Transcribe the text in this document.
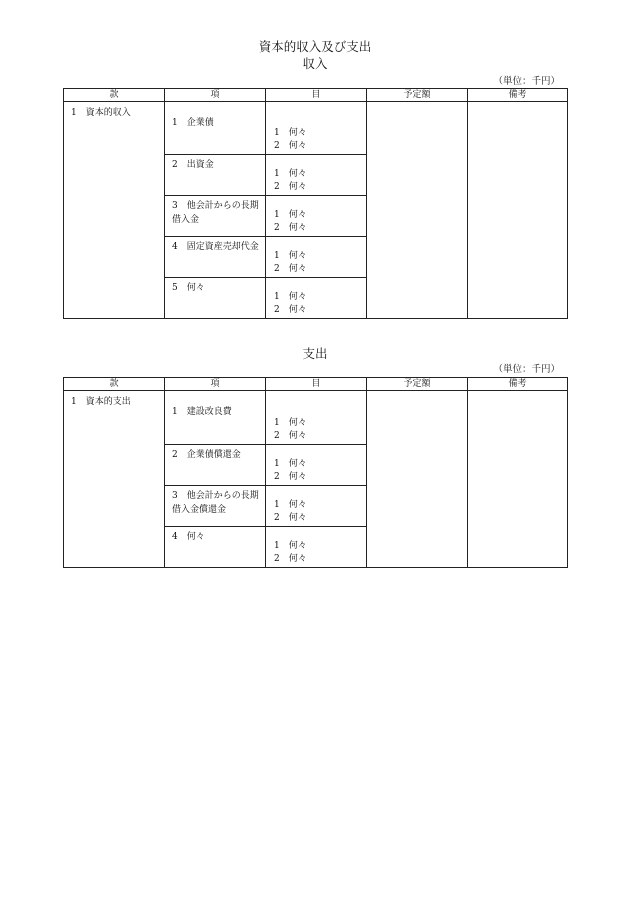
資本的収入及び支出
収入
（単位：千円）
款	項	目	予定額	備考
1　資本的収入	1　企業債	1　何々
2　何々		

	2　出資金	1　何々
2　何々		

	3　他会計からの長期借入金	1　何々
2　何々		

	4　固定資産売却代金	1　何々
2　何々		

	5　何々	1　何々
2　何々		
支出
（単位：千円）
款	項	目	予定額	備考
1　資本的支出	1　建設改良費	1　何々
2　何々		

	2　企業債償還金	1　何々
2　何々		

	3　他会計からの長期借入金償還金	1　何々
2　何々		

	4　何々	1　何々
2　何々		
